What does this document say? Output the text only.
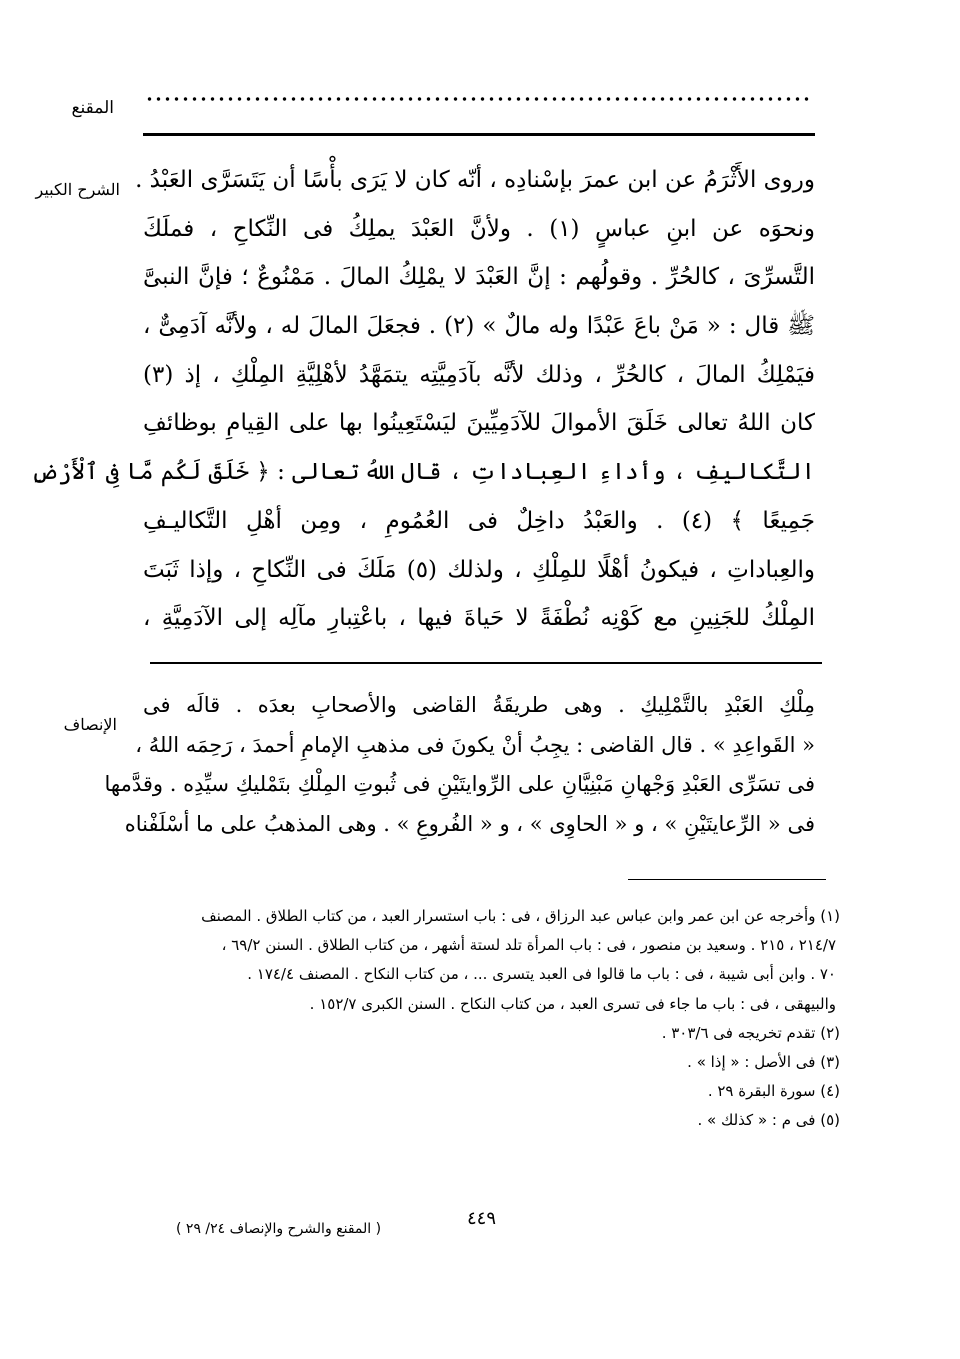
المقنع
الشرح الكبير وروى الأَثْرَمُ عن ابن عمرَ بإسْنادِه ، أنّه كان لا يَرَى بأْسًا أن يَتَسَرَّى العَبْدُ .
ونحوَه عن ابنِ عباسٍ (١) . ولأنَّ العَبْدَ يملِكُ فى النِّكاحِ ، فملَكَ
التَّسرِّىَ ، كالحُرِّ . وقولُهم : إنَّ العَبْدَ لا يمْلِكُ المالَ . مَمْنُوعٌ ؛ فإنَّ النبىَّ
ﷺ قال : « مَنْ باعَ عَبْدًا وله مالٌ » (٢) . فجعَلَ المالَ له ، ولأنَّه آدَمِىٌّ ،
فيَمْلِكُ المالَ ، كالحُرِّ ، وذلك لأنَّه بآدَمِيَّتِه يتمَهَّدُ لأهْلِيَّةِ المِلْكِ ، إذ (٣)
كان اللهُ تعالى خَلَقَ الأموالَ للآدَمِيِّينَ ليَسْتَعِينُوا بها على القِيامِ بوظائفِ
التَّكاليفِ ، وأداءِ العِباداتِ ، قال اللهُ تعالى : ﴿ خَلَقَ لَكُم مَّا فِى ٱلْأَرْضِ
جَمِيعًا ﴾ (٤) . والعَبْدُ داخِلٌ فى العُمُومِ ، ومِن أهْلِ التَّكاليـفِ
والعِباداتِ ، فيكونُ أهْلًا للمِلْكِ ، ولذلك (٥) مَلَكَ فى النِّكاحِ ، وإذا ثَبَتَ
المِلْكُ للجَنِينِ مع كَوْنِه نُطْفَةً لا حَياةَ فيها ، باعْتِبارِ مآلِه إلى الآدَمِيَّةِ ،
الإنصاف
مِلْكِ العَبْدِ بالتَّمْلِيكِ . وهى طريقَةُ القاضى والأصحابِ بعدَه . قالَه فى
« القَواعِدِ » . قال القاضى : يجِبُ أنْ يكونَ فى مذهبِ الإمامِ أحمدَ ، رَحِمَه اللهُ ،
فى تسَرِّى العَبْدِ وَجْهانِ مَبْنِيَّانِ على الرِّوايتَيْنِ فى ثُبوتِ المِلْكِ بتَمْليكِ سيِّدِه . وقدَّمها
فى « الرِّعايتَيْنِ » ، و « الحاوِى » ، و « الفُروعِ » . وهى المذهبُ على ما أسْلَفْناه
(١) وأخرجه عن ابن عمر وابن عباس عبد الرزاق ، فى : باب استسرار العبد ، من كتاب الطلاق . المصنف
٢١٤/٧ ، ٢١٥ . وسعيد بن منصور ، فى : باب المرأة تلد لستة أشهر ، من كتاب الطلاق . السنن ٦٩/٢ ،
٧٠ . وابن أبى شيبة ، فى : باب ما قالوا فى العبد يتسرى ... ، من كتاب النكاح . المصنف ١٧٤/٤ .
والبيهقى ، فى : باب ما جاء فى تسرى العبد ، من كتاب النكاح . السنن الكبرى ١٥٢/٧ .
(٢) تقدم تخريجه فى ٣٠٣/٦ .
(٣) فى الأصل : « إذا » .
(٤) سورة البقرة ٢٩ .
(٥) فى م : « كذلك » .
٤٤٩
( المقنع والشرح والإنصاف ٢٤/ ٢٩ )
